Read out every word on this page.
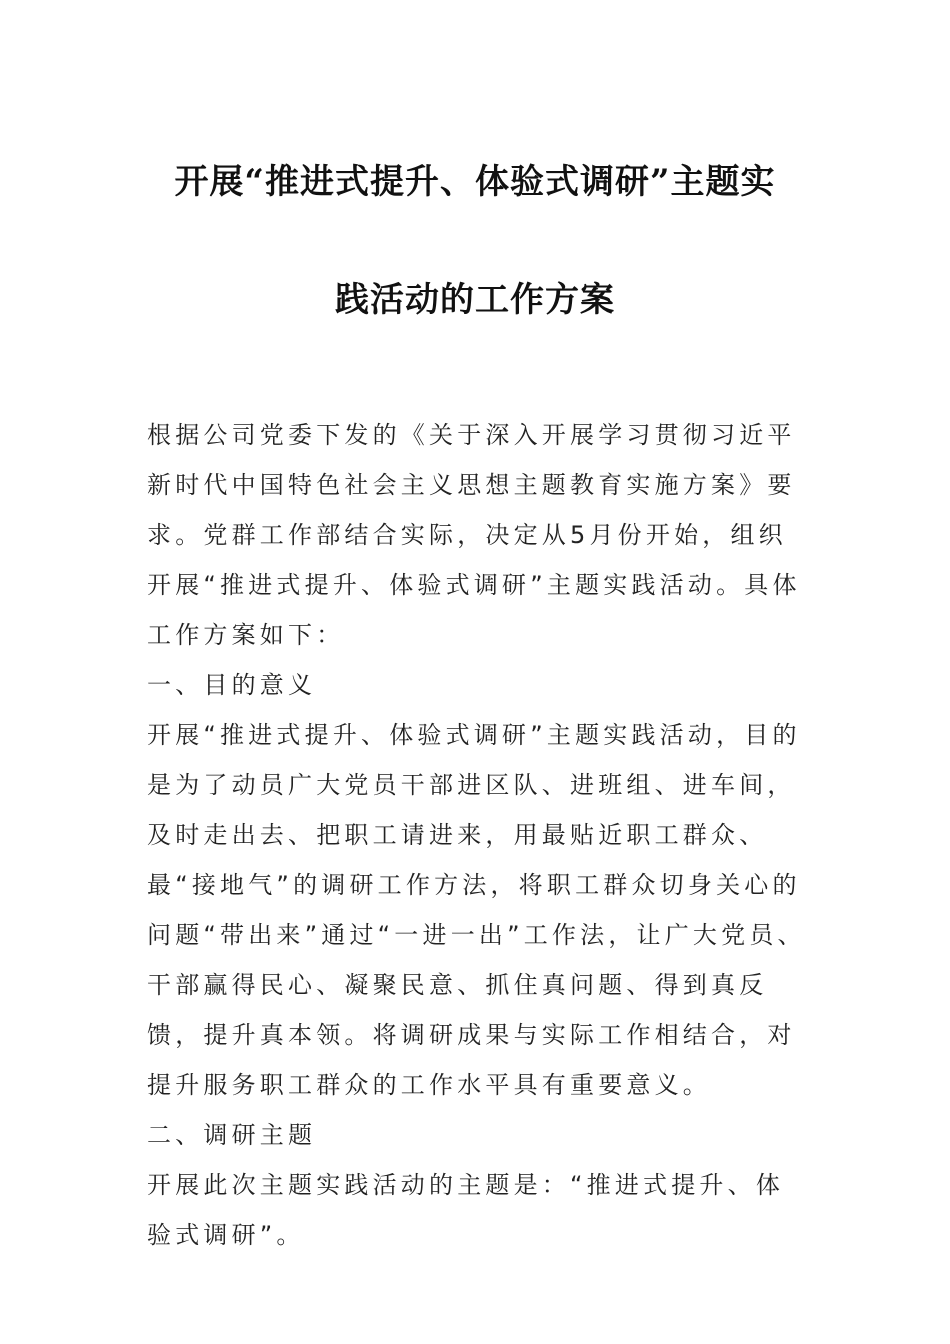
开展“推进式提升、体验式调研”主题实
践活动的工作方案

根据公司党委下发的《关于深入开展学习贯彻习近平新时代中国特色社会主义思想主题教育实施方案》要求。党群工作部结合实际，决定从5月份开始，组织开展“推进式提升、体验式调研”主题实践活动。具体工作方案如下：

一、目的意义

开展“推进式提升、体验式调研”主题实践活动，目的是为了动员广大党员干部进区队、进班组、进车间，及时走出去、把职工请进来，用最贴近职工群众、最“接地气”的调研工作方法，将职工群众切身关心的问题“带出来”通过“一进一出”工作法，让广大党员、干部赢得民心、凝聚民意、抓住真问题、得到真反馈，提升真本领。将调研成果与实际工作相结合，对提升服务职工群众的工作水平具有重要意义。

二、调研主题

开展此次主题实践活动的主题是：“推进式提升、体验式调研”。
